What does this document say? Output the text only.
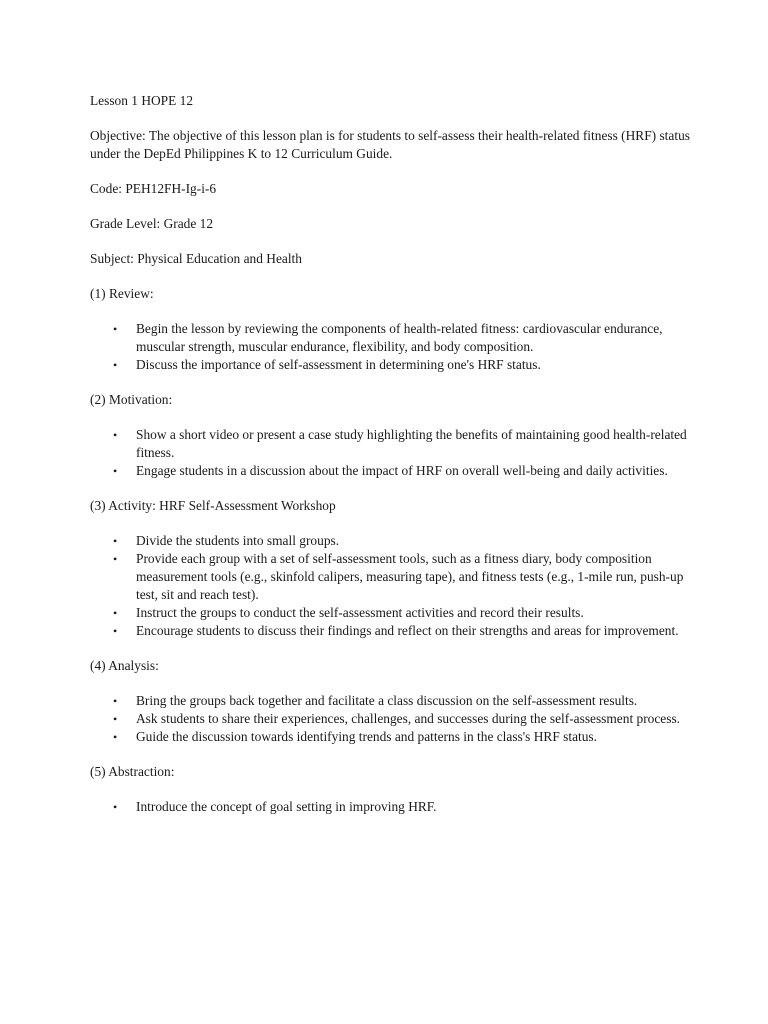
Lesson 1 HOPE 12

Objective: The objective of this lesson plan is for students to self-assess their health-related fitness (HRF) status under the DepEd Philippines K to 12 Curriculum Guide.

Code: PEH12FH-Ig-i-6

Grade Level: Grade 12

Subject: Physical Education and Health

(1) Review:

• Begin the lesson by reviewing the components of health-related fitness: cardiovascular endurance, muscular strength, muscular endurance, flexibility, and body composition.
• Discuss the importance of self-assessment in determining one's HRF status.

(2) Motivation:

• Show a short video or present a case study highlighting the benefits of maintaining good health-related fitness.
• Engage students in a discussion about the impact of HRF on overall well-being and daily activities.

(3) Activity: HRF Self-Assessment Workshop

• Divide the students into small groups.
• Provide each group with a set of self-assessment tools, such as a fitness diary, body composition measurement tools (e.g., skinfold calipers, measuring tape), and fitness tests (e.g., 1-mile run, push-up test, sit and reach test).
• Instruct the groups to conduct the self-assessment activities and record their results.
• Encourage students to discuss their findings and reflect on their strengths and areas for improvement.

(4) Analysis:

• Bring the groups back together and facilitate a class discussion on the self-assessment results.
• Ask students to share their experiences, challenges, and successes during the self-assessment process.
• Guide the discussion towards identifying trends and patterns in the class's HRF status.

(5) Abstraction:

• Introduce the concept of goal setting in improving HRF.
